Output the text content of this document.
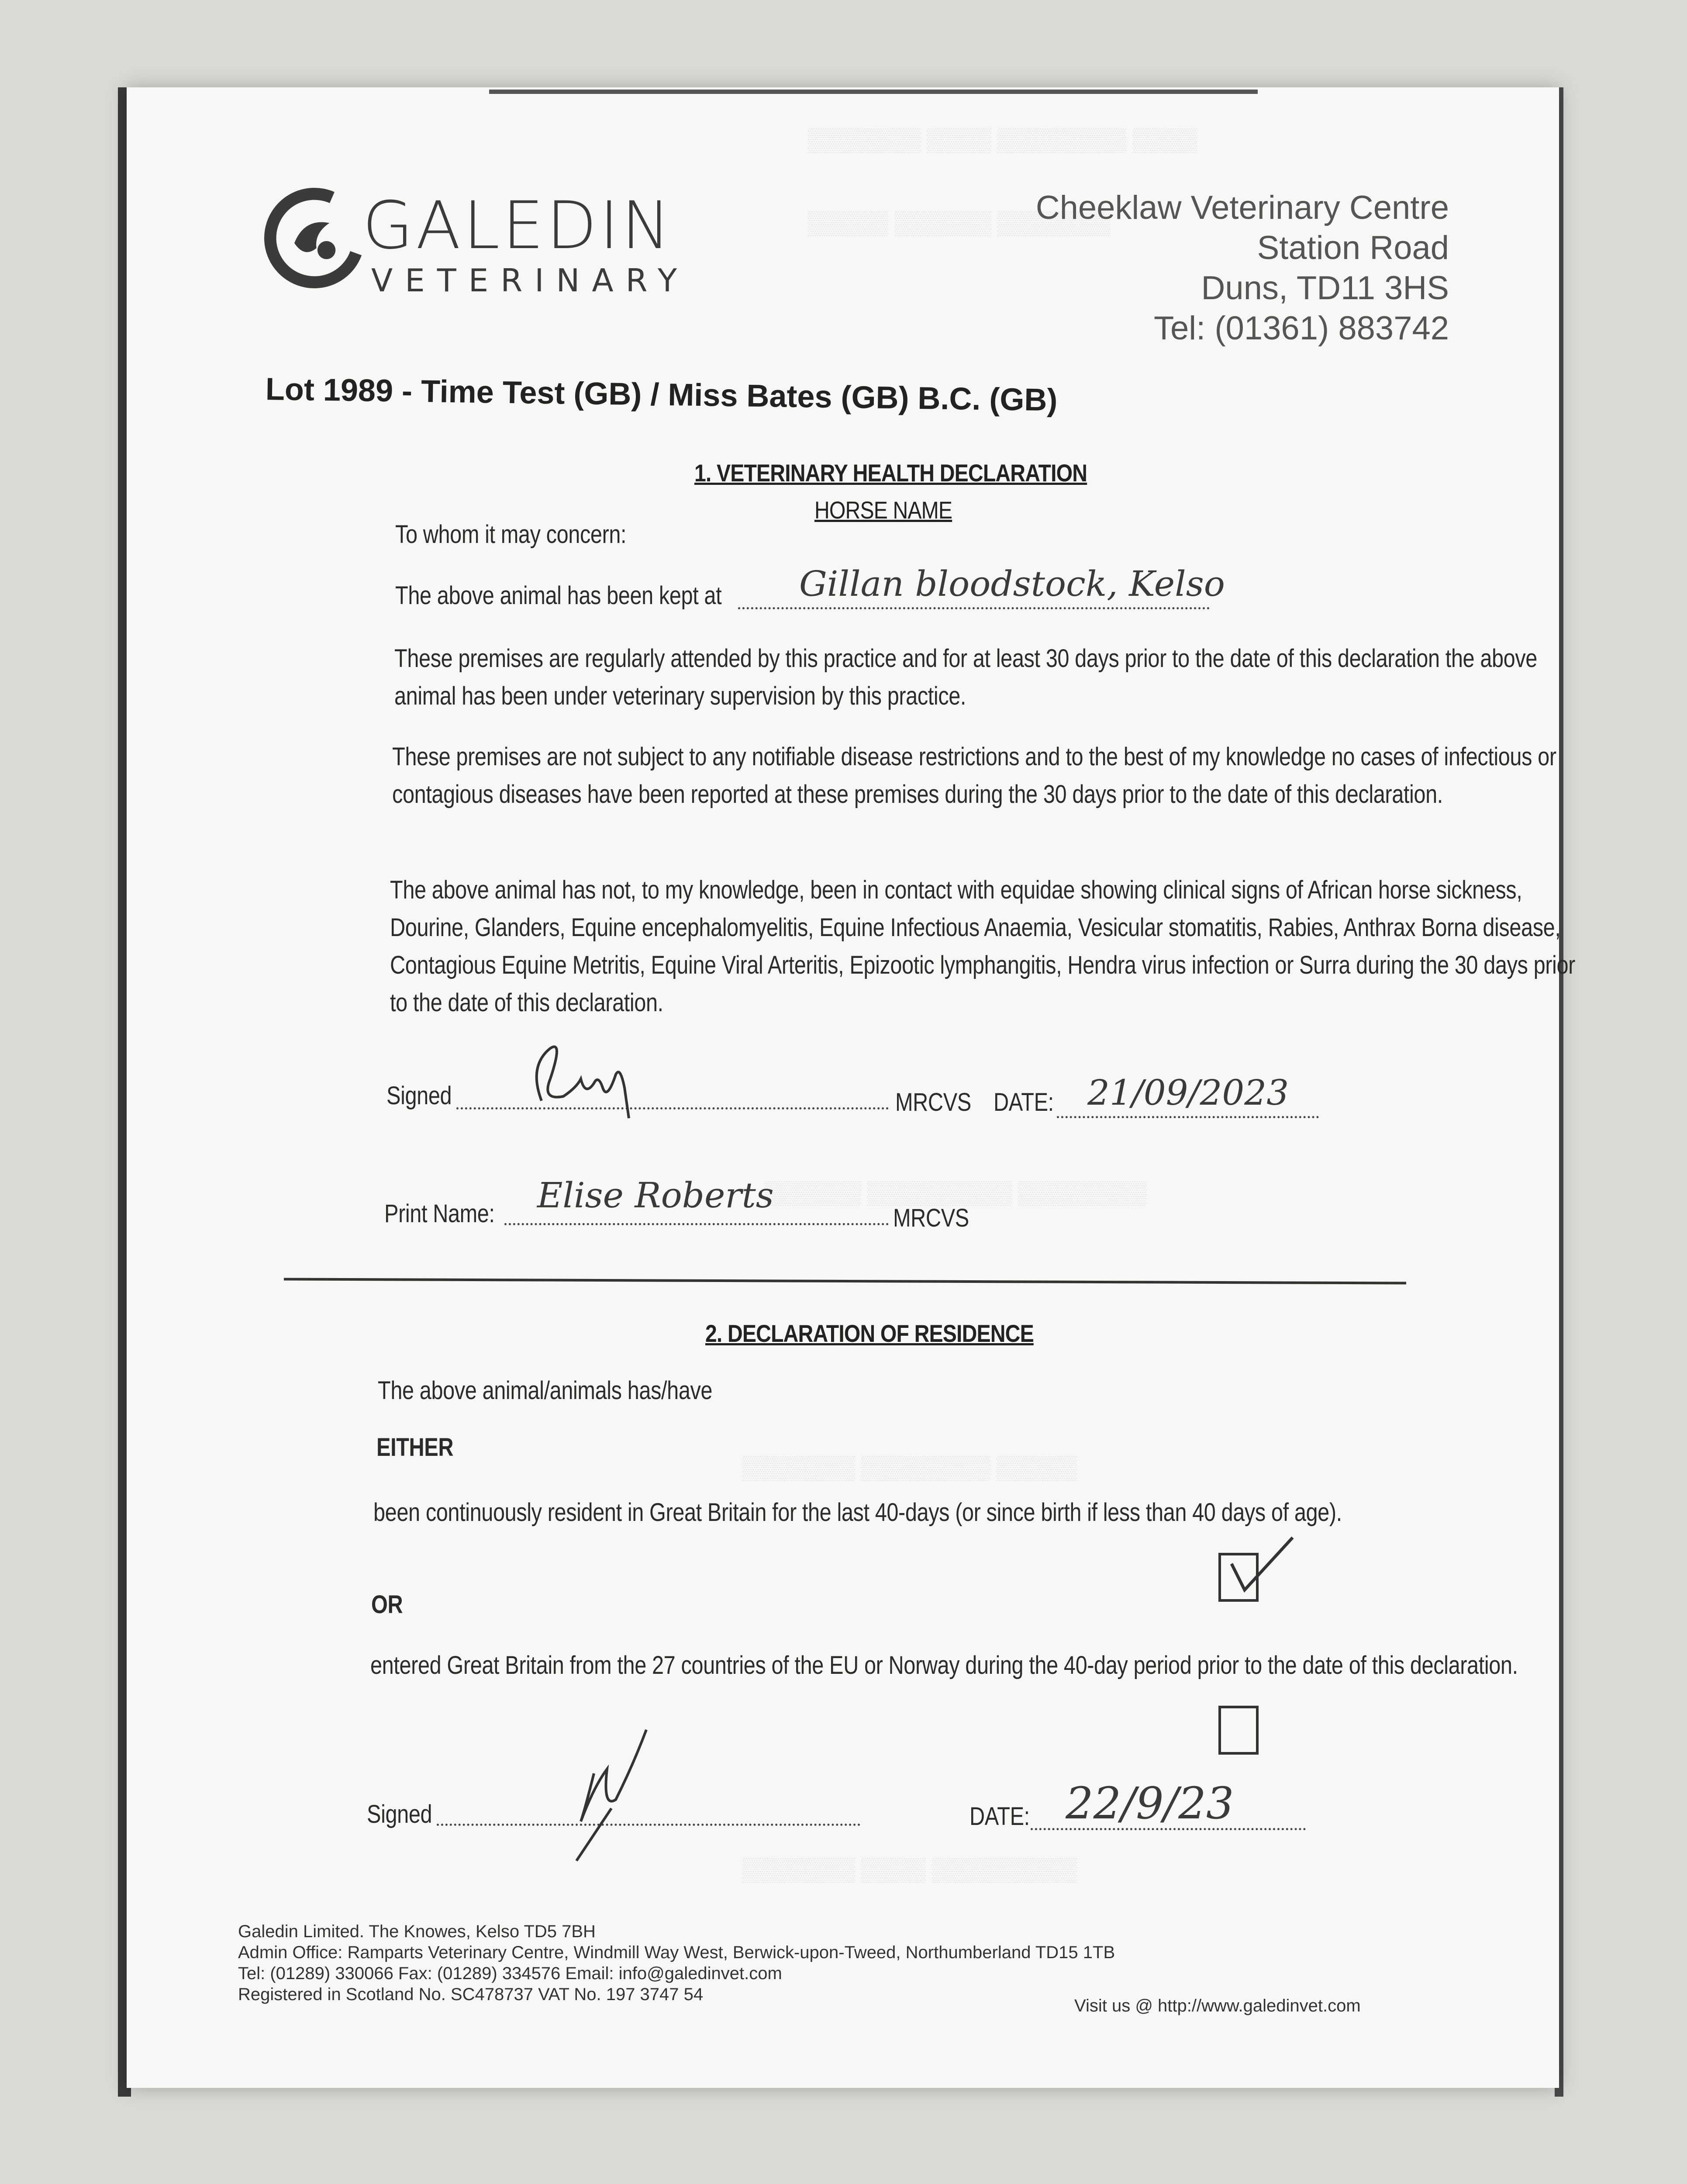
▒▒▒▒▒▒▒ ▒▒▒▒ ▒▒▒▒▒▒▒▒ ▒▒▒▒
▒▒▒▒▒ ▒▒▒▒▒▒ ▒▒▒▒▒▒▒
▒▒▒▒▒▒ ▒▒▒▒▒▒▒▒▒ ▒▒▒▒▒▒▒▒
▒▒▒▒▒▒▒ ▒▒▒▒▒▒▒▒ ▒▒▒▒▒
▒▒▒▒▒▒▒ ▒▒▒▒ ▒▒▒▒▒▒▒▒▒
GALEDIN
VETERINARY
Cheeklaw Veterinary Centre
Station Road
Duns, TD11 3HS
Tel: (01361) 883742
Lot 1989 - Time Test (GB) / Miss Bates (GB) B.C. (GB)
1. VETERINARY HEALTH DECLARATION
HORSE NAME
To whom it may concern:
The above animal has been kept at Gillan bloodstock, Kelso
These premises are regularly attended by this practice and for at least 30 days prior to the date of this declaration the above animal has been under veterinary supervision by this practice.
These premises are not subject to any notifiable disease restrictions and to the best of my knowledge no cases of infectious or contagious diseases have been reported at these premises during the 30 days prior to the date of this declaration.
The above animal has not, to my knowledge, been in contact with equidae showing clinical signs of African horse sickness, Dourine, Glanders, Equine encephalomyelitis, Equine Infectious Anaemia, Vesicular stomatitis, Rabies, Anthrax Borna disease, Contagious Equine Metritis, Equine Viral Arteritis, Epizootic lymphangitis, Hendra virus infection or Surra during the 30 days prior to the date of this declaration.
Signed	MRCVS DATE: 21/09/2023
Print Name: Elise Roberts
MRCVS
2. DECLARATION OF RESIDENCE
The above animal/animals has/have
EITHER
been continuously resident in Great Britain for the last 40-days (or since birth if less than 40 days of age).
OR
entered Great Britain from the 27 countries of the EU or Norway during the 40-day period prior to the date of this declaration.
Signed	DATE: 22/9/23
Galedin Limited. The Knowes, Kelso TD5 7BH
Admin Office: Ramparts Veterinary Centre, Windmill Way West, Berwick-upon-Tweed, Northumberland TD15 1TB
Tel: (01289) 330066 Fax: (01289) 334576 Email: info@galedinvet.com
Registered in Scotland No. SC478737 VAT No. 197 3747 54
Visit us @ http://www.galedinvet.com
